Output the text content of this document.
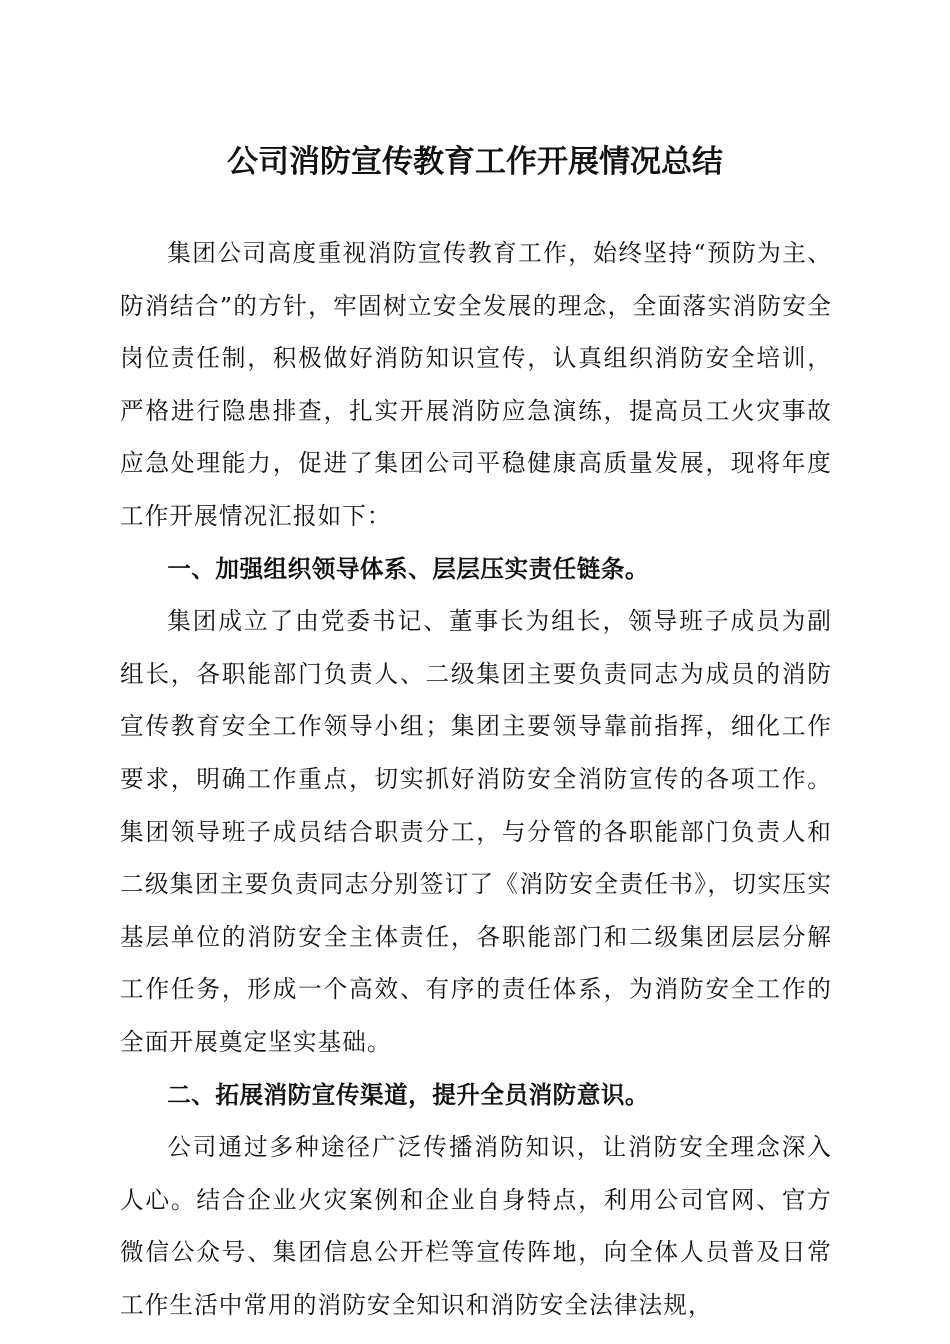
公司消防宣传教育工作开展情况总结

集团公司高度重视消防宣传教育工作，始终坚持“预防为主、防消结合”的方针，牢固树立安全发展的理念，全面落实消防安全岗位责任制，积极做好消防知识宣传，认真组织消防安全培训，严格进行隐患排查，扎实开展消防应急演练，提高员工火灾事故应急处理能力，促进了集团公司平稳健康高质量发展，现将年度工作开展情况汇报如下：

一、加强组织领导体系、层层压实责任链条。

集团成立了由党委书记、董事长为组长，领导班子成员为副组长，各职能部门负责人、二级集团主要负责同志为成员的消防宣传教育安全工作领导小组；集团主要领导靠前指挥，细化工作要求，明确工作重点，切实抓好消防安全消防宣传的各项工作。集团领导班子成员结合职责分工，与分管的各职能部门负责人和二级集团主要负责同志分别签订了《消防安全责任书》，切实压实基层单位的消防安全主体责任，各职能部门和二级集团层层分解工作任务，形成一个高效、有序的责任体系，为消防安全工作的全面开展奠定坚实基础。

二、拓展消防宣传渠道，提升全员消防意识。

公司通过多种途径广泛传播消防知识，让消防安全理念深入人心。结合企业火灾案例和企业自身特点，利用公司官网、官方微信公众号、集团信息公开栏等宣传阵地，向全体人员普及日常工作生活中常用的消防安全知识和消防安全法律法规，
